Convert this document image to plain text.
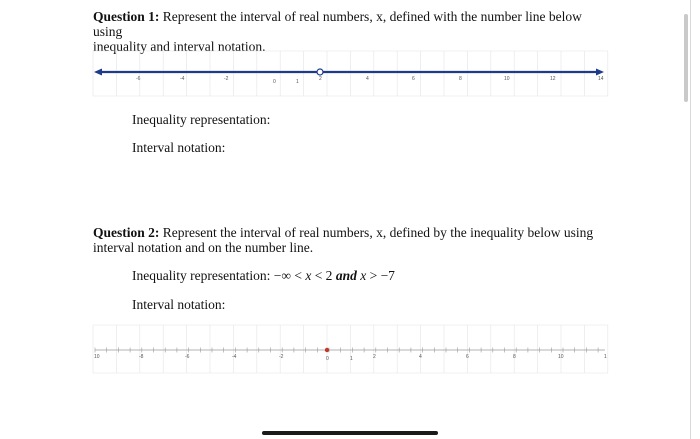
Question 1: Represent the interval of real numbers, x, defined with the number line below using
inequality and interval notation.
-6	-4	-2	0	1	2	4	6	8	10	12	14
Inequality representation:
Interval notation:
Question 2: Represent the interval of real numbers, x, defined by the inequality below using
interval notation and on the number line.
Inequality representation: −∞ < x < 2 and x > −7
Interval notation:
10	-8	-6	-4	-2	0	1	2	4	6	8	10	1
